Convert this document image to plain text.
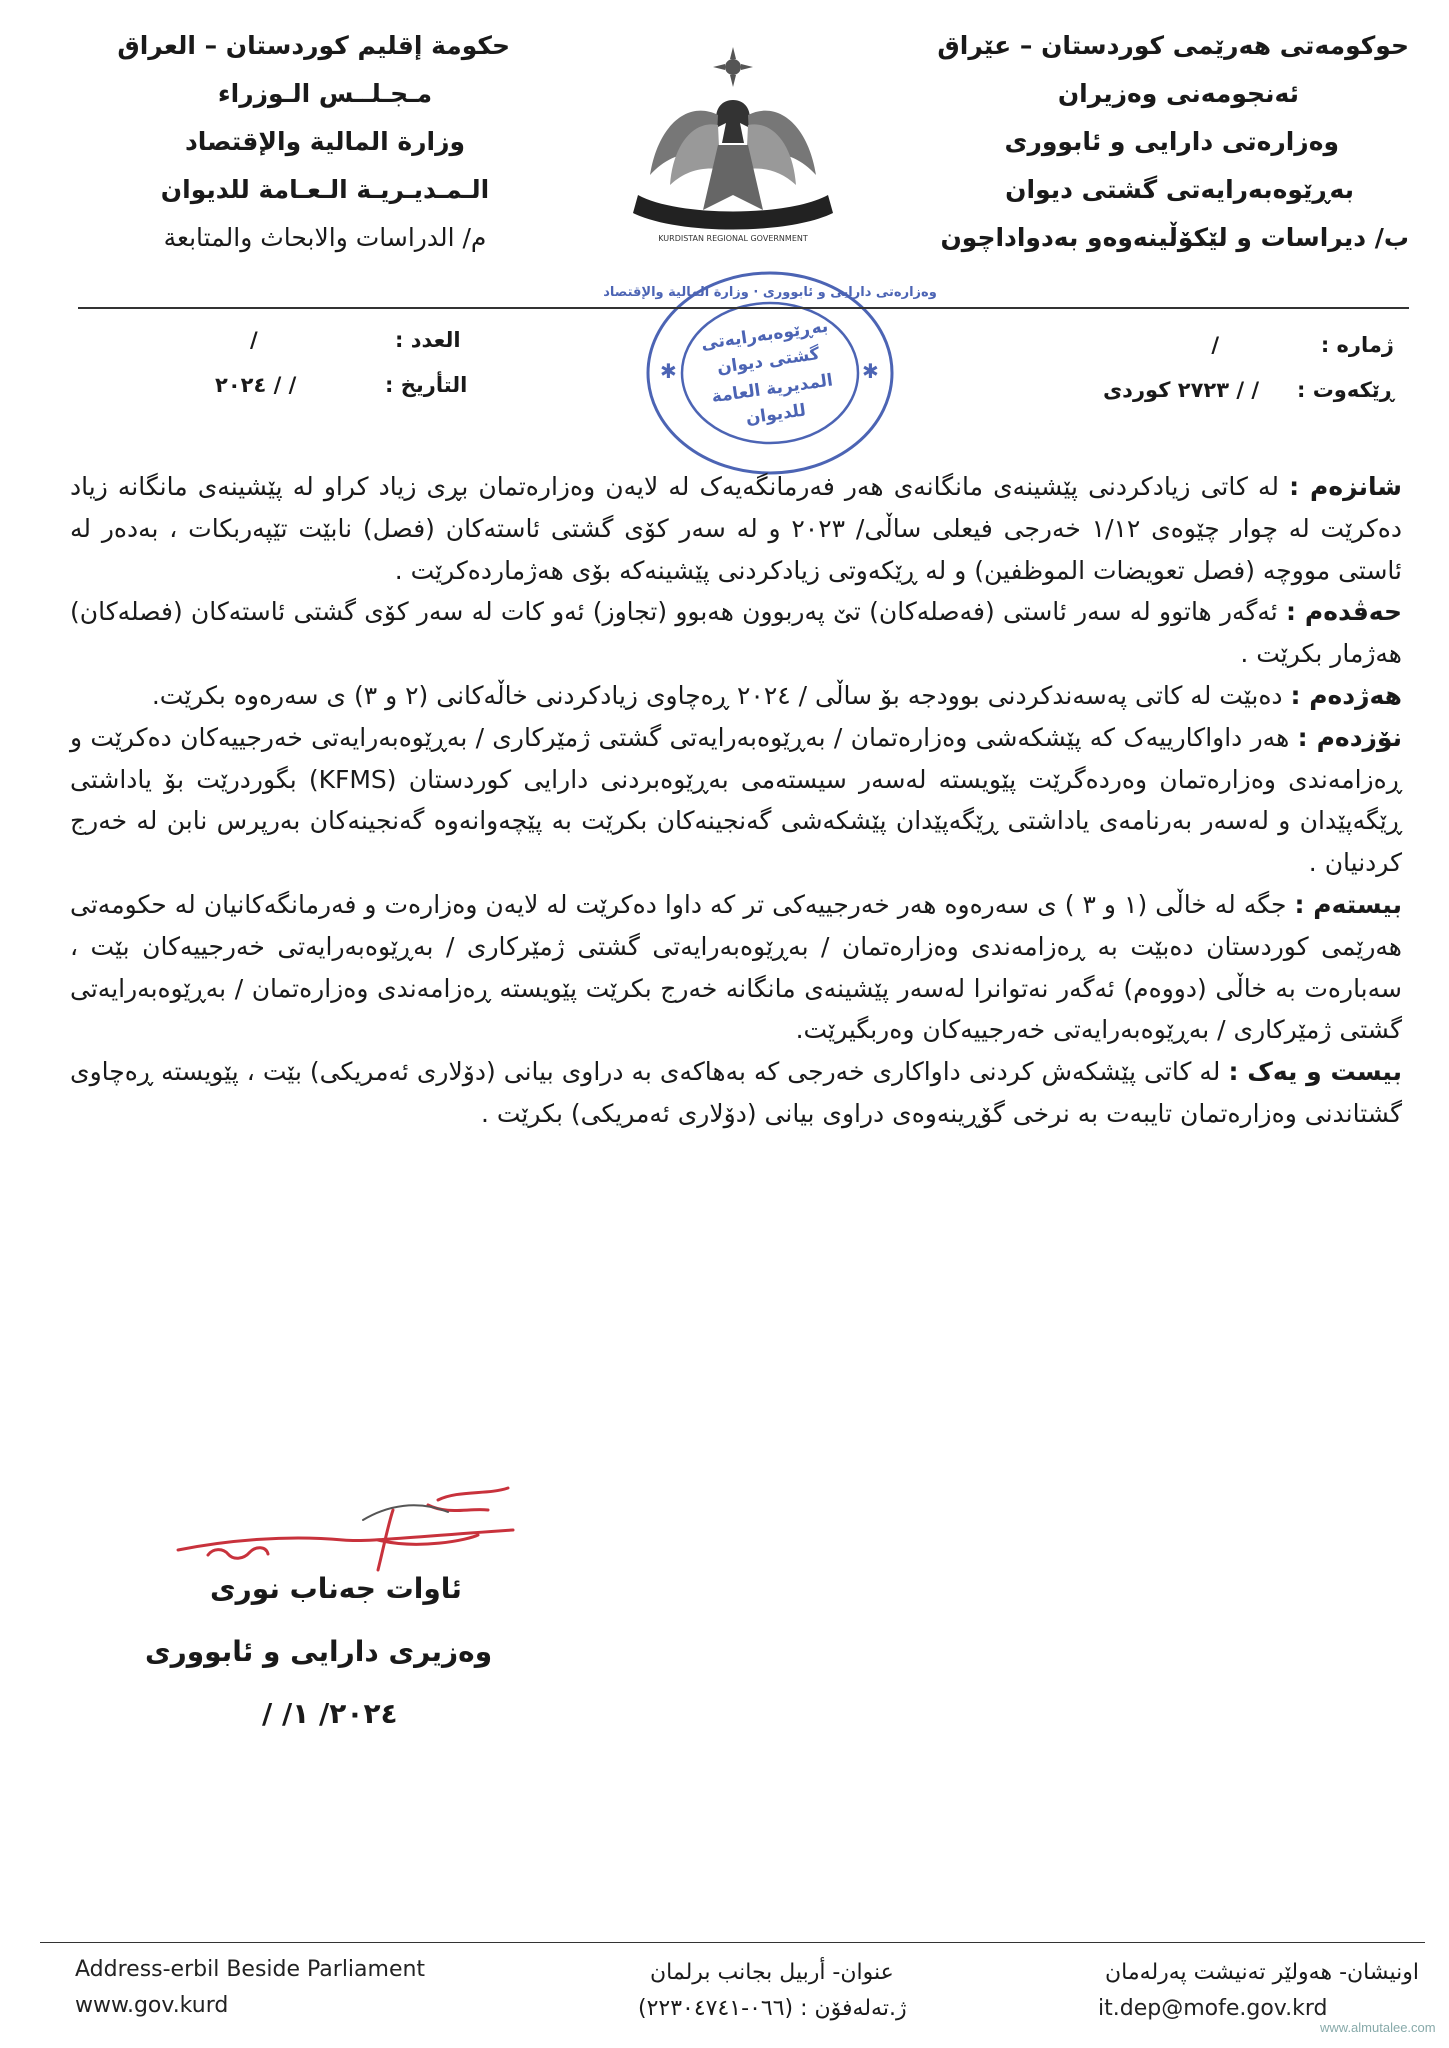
حوکومەتی هەرێمی کوردستان – عێراق
ئەنجومەنی وەزیران
وەزارەتی دارایی و ئابووری
بەڕێوەبەرایەتی گشتی دیوان
ب/ دیراسات و لێکۆڵینەوەو بەدواداچون
حكومة إقليم كوردستان – العراق
مـجـلــس الـوزراء
وزارة المالية والإقتصاد
الـمـديـريـة الـعـامة للديوان
م/ الدراسات والابحاث والمتابعة	KURDISTAN REGIONAL GOVERNMENT
ژمارە :
/
ڕێکەوت :
/ / ٢٧٢٣ کوردی
العدد :
/
التأريخ :
/ / ٢٠٢٤
✱	✱
بەڕێوەبەرایەتی
گشتی دیوان
المديرية العامة
للديوان
وەزارەتی دارایی و ئابووری · وزارة المالية والإقتصاد

شانزەم : لە کاتی زیادکردنی پێشینەی مانگانەی هەر فەرمانگەیەک لە لایەن وەزارەتمان بڕی زیاد کراو لە پێشینەی مانگانە زیاد دەکرێت لە چوار چێوەی ١/١٢ خەرجی فیعلی ساڵی/ ٢٠٢٣ و لە سەر کۆی گشتی ئاستەکان (فصل) نابێت تێپەربکات ، بەدەر لە ئاستی مووچە (فصل تعويضات الموظفين) و لە ڕێکەوتی زیادکردنی پێشینەکە بۆی هەژماردەکرێت .

حەڤدەم : ئەگەر هاتوو لە سەر ئاستی (فەصلەکان) تێ پەربوون هەبوو (تجاوز) ئەو کات لە سەر کۆی گشتی ئاستەکان (فصلەکان) هەژمار بکرێت .

هەژدەم : دەبێت لە کاتی پەسەندکردنی بوودجە بۆ ساڵی / ٢٠٢٤ ڕەچاوی زیادکردنی خاڵەکانی (٢ و ٣) ی سەرەوە بکرێت.

نۆزدەم : هەر داواکارییەک کە پێشکەشی وەزارەتمان / بەڕێوەبەرایەتی گشتی ژمێرکاری / بەڕێوەبەرایەتی خەرجییەکان دەکرێت و ڕەزامەندی وەزارەتمان وەردەگرێت پێویستە لەسەر سیستەمی بەڕێوەبردنی دارایی کوردستان (KFMS) بگوردرێت بۆ یاداشتی ڕێگەپێدان و لەسەر بەرنامەی یاداشتی ڕێگەپێدان پێشکەشی گەنجینەکان بکرێت بە پێچەوانەوە گەنجینەکان بەرپرس نابن لە خەرج کردنیان .

بیستەم : جگە لە خاڵی (١ و ٣ ) ی سەرەوە هەر خەرجییەکی تر کە داوا دەکرێت لە لایەن وەزارەت و فەرمانگەکانیان لە حکومەتی هەرێمی کوردستان دەبێت بە ڕەزامەندی وەزارەتمان / بەڕێوەبەرایەتی گشتی ژمێرکاری / بەڕێوەبەرایەتی خەرجییەکان بێت ، سەبارەت بە خاڵی (دووەم) ئەگەر نەتوانرا لەسەر پێشینەی مانگانە خەرج بکرێت پێویستە ڕەزامەندی وەزارەتمان / بەڕێوەبەرایەتی گشتی ژمێرکاری / بەڕێوەبەرایەتی خەرجییەکان وەربگیرێت.

بیست و یەک : لە کاتی پێشکەش کردنی داواکاری خەرجی کە بەهاکەی بە دراوی بیانی (دۆلاری ئەمریکی) بێت ، پێویستە ڕەچاوی گشتاندنی وەزارەتمان تایبەت بە نرخی گۆڕینەوەی دراوی بیانی (دۆلاری ئەمریکی) بکرێت .

ئاوات جەناب نوری
وەزیری دارایی و ئابووری
٢٠٢٤/ ١/ /
Address-erbil Beside Parliament
www.gov.kurd
عنوان- أربيل بجانب برلمان
ژ.تەلەفۆن : (٠٦٦-٢٢٣٠٤٧٤١)
اونیشان- هەولێر تەنیشت پەرلەمان
it.dep@mofe.gov.krd
www.almutalee.com
